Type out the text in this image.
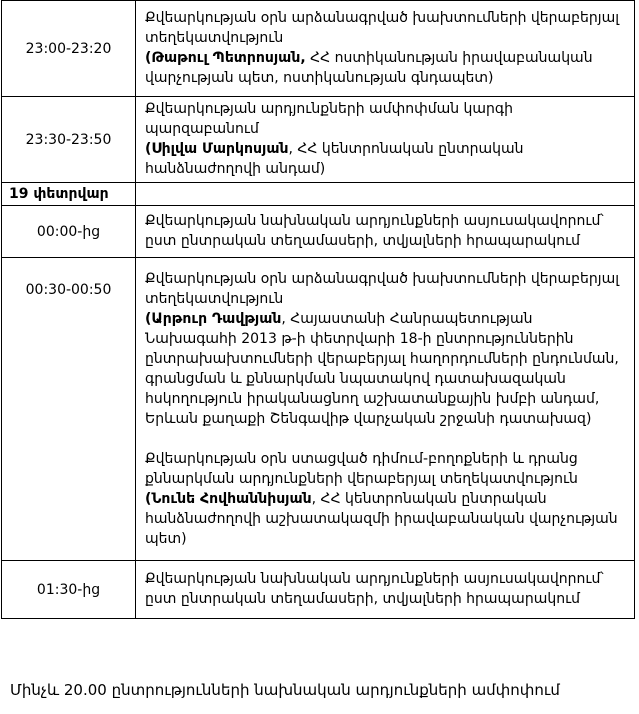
23:00-23:20	Քվեարկության օրն արձանագրված խախտումների վերաբերյալ տեղեկատվություն
(Թաթուլ Պետրոսյան, ՀՀ ոստիկանության իրավաբանական վարչության պետ, ոստիկանության գնդապետ)
23:30-23:50	Քվեարկության արդյունքների ամփոփման կարգի պարզաբանում
(Սիլվա Մարկոսյան, ՀՀ կենտրոնական ընտրական հանձնաժողովի անդամ)
19 փետրվար	
00:00-ից	Քվեարկության նախնական արդյունքների ասյուսակավորում՝ ըստ ընտրական տեղամասերի, տվյալների հրապարակում
00:30-00:50	Քվեարկության օրն արձանագրված խախտումների վերաբերյալ տեղեկատվություն
(Արթուր Դավթյան, Հայաստանի Հանրապետության Նախագահի 2013 թ-ի փետրվարի 18-ի ընտրություններին ընտրախախտումների վերաբերյալ հաղորդումների ընդունման, գրանցման և քննարկման նպատակով դատախազական հսկողություն իրականացնող աշխատանքային խմբի անդամ, Երևան քաղաքի Շենգավիթ վարչական շրջանի դատախազ)
Քվեարկության օրն ստացված դիմում-բողոքների և դրանց քննարկման արդյունքների վերաբերյալ տեղեկատվություն
(Նունե Հովհաննիսյան, ՀՀ կենտրոնական ընտրական հանձնաժողովի աշխատակազմի իրավաբանական վարչության պետ)
01:30-ից	Քվեարկության նախնական արդյունքների ասյուսակավորում՝ ըստ ընտրական տեղամասերի, տվյալների հրապարակում
Մինչև 20.00 ընտրությունների նախնական արդյունքների ամփոփում
